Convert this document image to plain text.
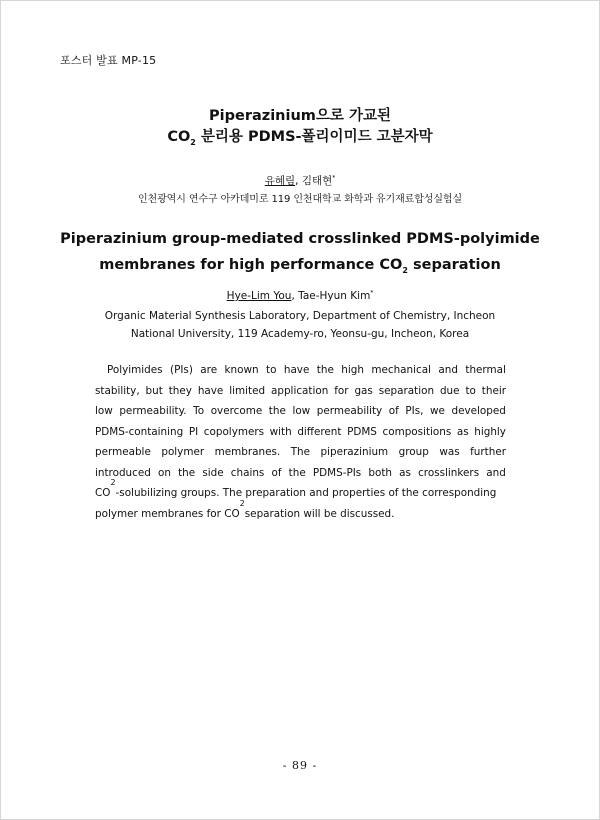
포스터 발표 MP-15
Piperazinium으로 가교된
$CO_2$ 분리용 PDMS-폴리이미드 고분자막
유혜림, 김태현*
인천광역시 연수구 아카데미로 119 인천대학교 화학과 유기재료합성실험실
Piperazinium group-mediated crosslinked PDMS-polyimide
membranes for high performance $CO_2$ separation
Hye-Lim You, Tae-Hyun Kim*
Organic Material Synthesis Laboratory, Department of Chemistry, Incheon
National University, 119 Academy-ro, Yeonsu-gu, Incheon, Korea
Polyimides (PIs) are known to have the high mechanical and thermal
stability, but they have limited application for gas separation due to their
low permeability. To overcome the low permeability of PIs, we developed
PDMS-containing PI copolymers with different PDMS compositions as highly
permeable polymer membranes. The piperazinium group was further
introduced on the side chains of the PDMS-PIs both as crosslinkers and
CO
2
-solubilizing groups. The preparation and properties of the corresponding
polymer membranes for CO
2
separation will be discussed.
- 89 -
